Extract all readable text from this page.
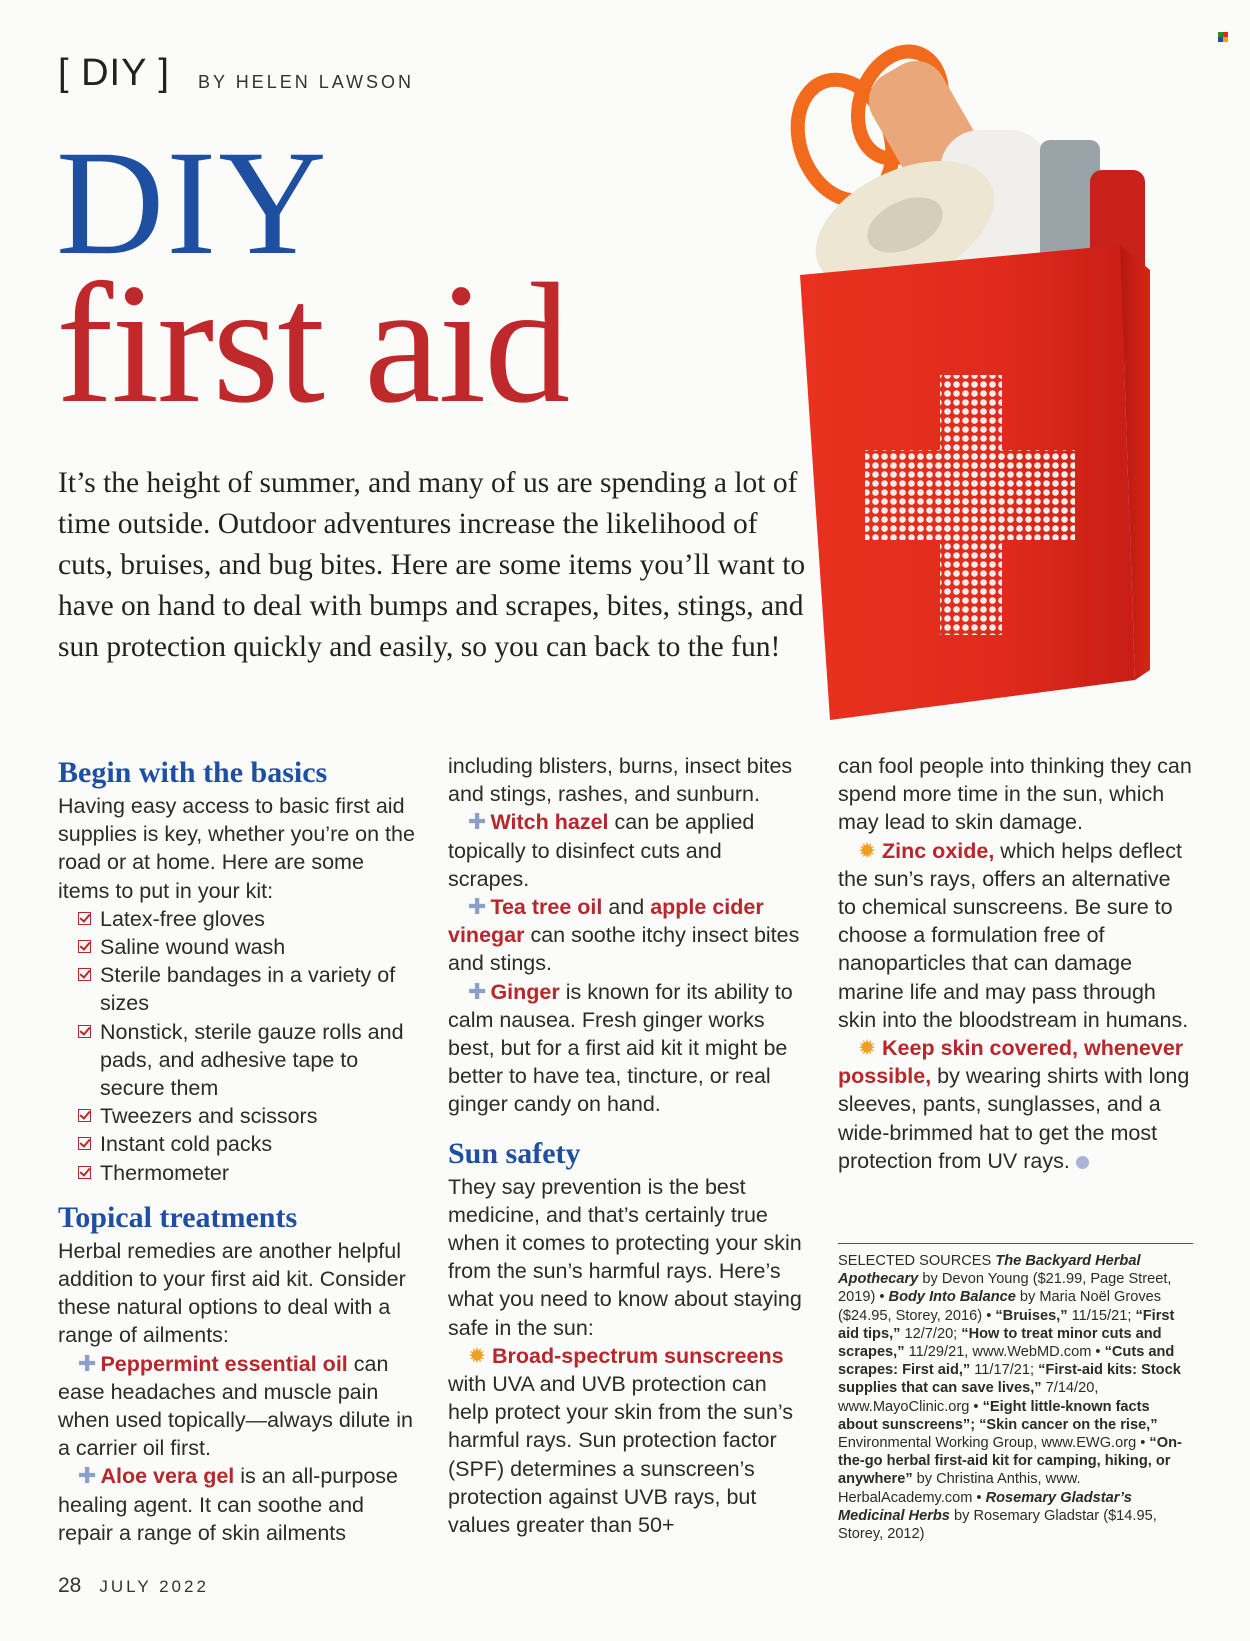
[ DIY ] BY HELEN LAWSON
DIY
first aid
It’s the height of summer, and many of us are spending a lot of time outside. Outdoor adventures increase the likelihood of cuts, bruises, and bug bites. Here are some items you’ll want to have on hand to deal with bumps and scrapes, bites, stings, and sun protection quickly and easily, so you can back to the fun!
Begin with the basics

Having easy access to basic first aid supplies is key, whether you’re on the road or at home. Here are some items to put in your kit:

Latex-free gloves
Saline wound wash
Sterile bandages in a variety of sizes
Nonstick, sterile gauze rolls and pads, and adhesive tape to secure them
Tweezers and scissors
Instant cold packs
Thermometer
Topical treatments

Herbal remedies are another helpful addition to your first aid kit. Consider these natural options to deal with a range of ailments:

✚ Peppermint essential oil can ease headaches and muscle pain when used topically—always dilute in a carrier oil first.

✚ Aloe vera gel is an all-purpose healing agent. It can soothe and repair a range of skin ailments

including blisters, burns, insect bites and stings, rashes, and sunburn.

✚ Witch hazel can be applied topically to disinfect cuts and scrapes.

✚ Tea tree oil and apple cider vinegar can soothe itchy insect bites and stings.

✚ Ginger is known for its ability to calm nausea. Fresh ginger works best, but for a first aid kit it might be better to have tea, tincture, or real ginger candy on hand.

Sun safety

They say prevention is the best medicine, and that’s certainly true when it comes to protecting your skin from the sun’s harmful rays. Here’s what you need to know about staying safe in the sun:

✹ Broad-spectrum sunscreens with UVA and UVB protection can help protect your skin from the sun’s harmful rays. Sun protection factor (SPF) determines a sunscreen’s protection against UVB rays, but values greater than 50+

can fool people into thinking they can spend more time in the sun, which may lead to skin damage.

✹ Zinc oxide, which helps deflect the sun’s rays, offers an alternative to chemical sunscreens. Be sure to choose a formulation free of nanoparticles that can damage marine life and may pass through skin into the bloodstream in humans.

✹ Keep skin covered, whenever possible, by wearing shirts with long sleeves, pants, sunglasses, and a wide-brimmed hat to get the most protection from UV rays.

SELECTED SOURCES The Backyard Herbal Apothecary by Devon Young ($21.99, Page Street, 2019) • Body Into Balance by Maria Noël Groves ($24.95, Storey, 2016) • “Bruises,” 11/15/21; “First aid tips,” 12/7/20; “How to treat minor cuts and scrapes,” 11/29/21, www.WebMD.com • “Cuts and scrapes: First aid,” 11/17/21; “First-aid kits: Stock supplies that can save lives,” 7/14/20, www.MayoClinic.org • “Eight little-known facts about sunscreens”; “Skin cancer on the rise,” Environmental Working Group, www.EWG.org • “On-the-go herbal first-aid kit for camping, hiking, or anywhere” by Christina Anthis, www. HerbalAcademy.com • Rosemary Gladstar’s Medicinal Herbs by Rosemary Gladstar ($14.95, Storey, 2012)
28 JULY 2022
